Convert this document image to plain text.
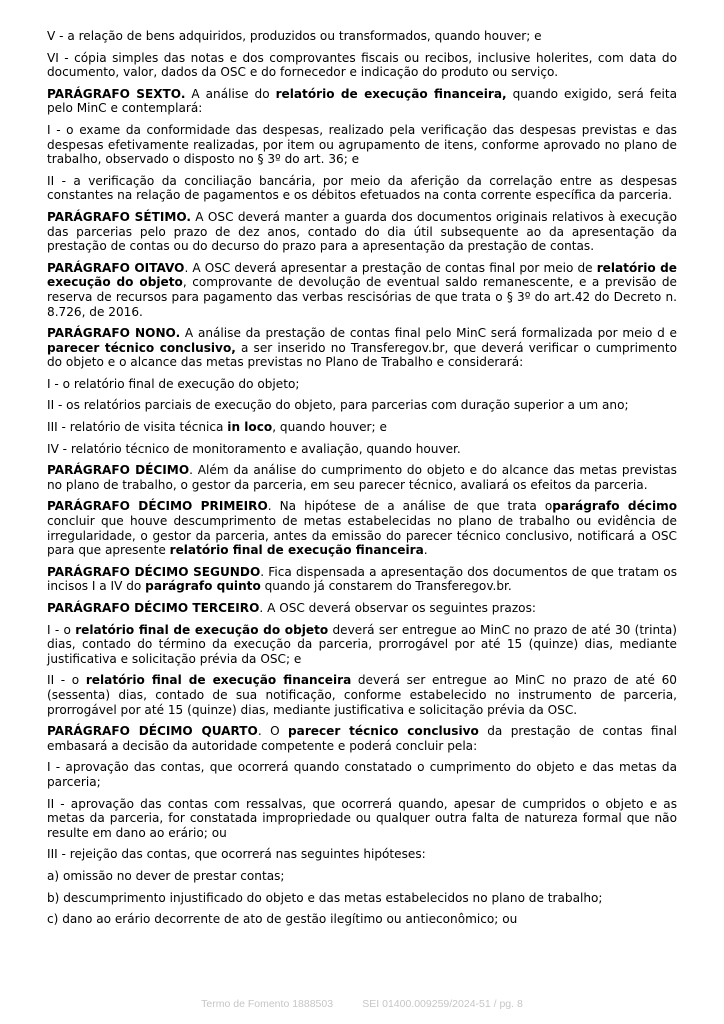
V - a relação de bens adquiridos, produzidos ou transformados, quando houver; e

VI - cópia simples das notas e dos comprovantes fiscais ou recibos, inclusive holerites, com data do documento, valor, dados da OSC e do fornecedor e indicação do produto ou serviço.

PARÁGRAFO SEXTO. A análise do relatório de execução financeira, quando exigido, será feita pelo MinC e contemplará:

I - o exame da conformidade das despesas, realizado pela verificação das despesas previstas e das despesas efetivamente realizadas, por item ou agrupamento de itens, conforme aprovado no plano de trabalho, observado o disposto no § 3º do art. 36; e

II - a verificação da conciliação bancária, por meio da aferição da correlação entre as despesas constantes na relação de pagamentos e os débitos efetuados na conta corrente específica da parceria.

PARÁGRAFO SÉTIMO. A OSC deverá manter a guarda dos documentos originais relativos à execução das parcerias pelo prazo de dez anos, contado do dia útil subsequente ao da apresentação da prestação de contas ou do decurso do prazo para a apresentação da prestação de contas.

PARÁGRAFO OITAVO. A OSC deverá apresentar a prestação de contas final por meio de relatório de execução do objeto, comprovante de devolução de eventual saldo remanescente, e a previsão de reserva de recursos para pagamento das verbas rescisórias de que trata o § 3º do art.42 do Decreto n. 8.726, de 2016.

PARÁGRAFO NONO. A análise da prestação de contas final pelo MinC será formalizada por meio d e parecer técnico conclusivo, a ser inserido no Transferegov.br, que deverá verificar o cumprimento do objeto e o alcance das metas previstas no Plano de Trabalho e considerará:

I - o relatório final de execução do objeto;

II - os relatórios parciais de execução do objeto, para parcerias com duração superior a um ano;

III - relatório de visita técnica in loco, quando houver; e

IV - relatório técnico de monitoramento e avaliação, quando houver.

PARÁGRAFO DÉCIMO. Além da análise do cumprimento do objeto e do alcance das metas previstas no plano de trabalho, o gestor da parceria, em seu parecer técnico, avaliará os efeitos da parceria.

PARÁGRAFO DÉCIMO PRIMEIRO. Na hipótese de a análise de que trata oparágrafo décimo concluir que houve descumprimento de metas estabelecidas no plano de trabalho ou evidência de irregularidade, o gestor da parceria, antes da emissão do parecer técnico conclusivo, notificará a OSC para que apresente relatório final de execução financeira.

PARÁGRAFO DÉCIMO SEGUNDO. Fica dispensada a apresentação dos documentos de que tratam os incisos I a IV do parágrafo quinto quando já constarem do Transferegov.br.

PARÁGRAFO DÉCIMO TERCEIRO. A OSC deverá observar os seguintes prazos:

I - o relatório final de execução do objeto deverá ser entregue ao MinC no prazo de até 30 (trinta) dias, contado do término da execução da parceria, prorrogável por até 15 (quinze) dias, mediante justificativa e solicitação prévia da OSC; e

II - o relatório final de execução financeira deverá ser entregue ao MinC no prazo de até 60 (sessenta) dias, contado de sua notificação, conforme estabelecido no instrumento de parceria, prorrogável por até 15 (quinze) dias, mediante justificativa e solicitação prévia da OSC.

PARÁGRAFO DÉCIMO QUARTO. O parecer técnico conclusivo da prestação de contas final embasará a decisão da autoridade competente e poderá concluir pela:

I - aprovação das contas, que ocorrerá quando constatado o cumprimento do objeto e das metas da parceria;

II - aprovação das contas com ressalvas, que ocorrerá quando, apesar de cumpridos o objeto e as metas da parceria, for constatada impropriedade ou qualquer outra falta de natureza formal que não resulte em dano ao erário; ou

III - rejeição das contas, que ocorrerá nas seguintes hipóteses:

a) omissão no dever de prestar contas;

b) descumprimento injustificado do objeto e das metas estabelecidos no plano de trabalho;

c) dano ao erário decorrente de ato de gestão ilegítimo ou antieconômico; ou

Termo de Fomento 1888503	SEI 01400.009259/2024-51 / pg. 8
